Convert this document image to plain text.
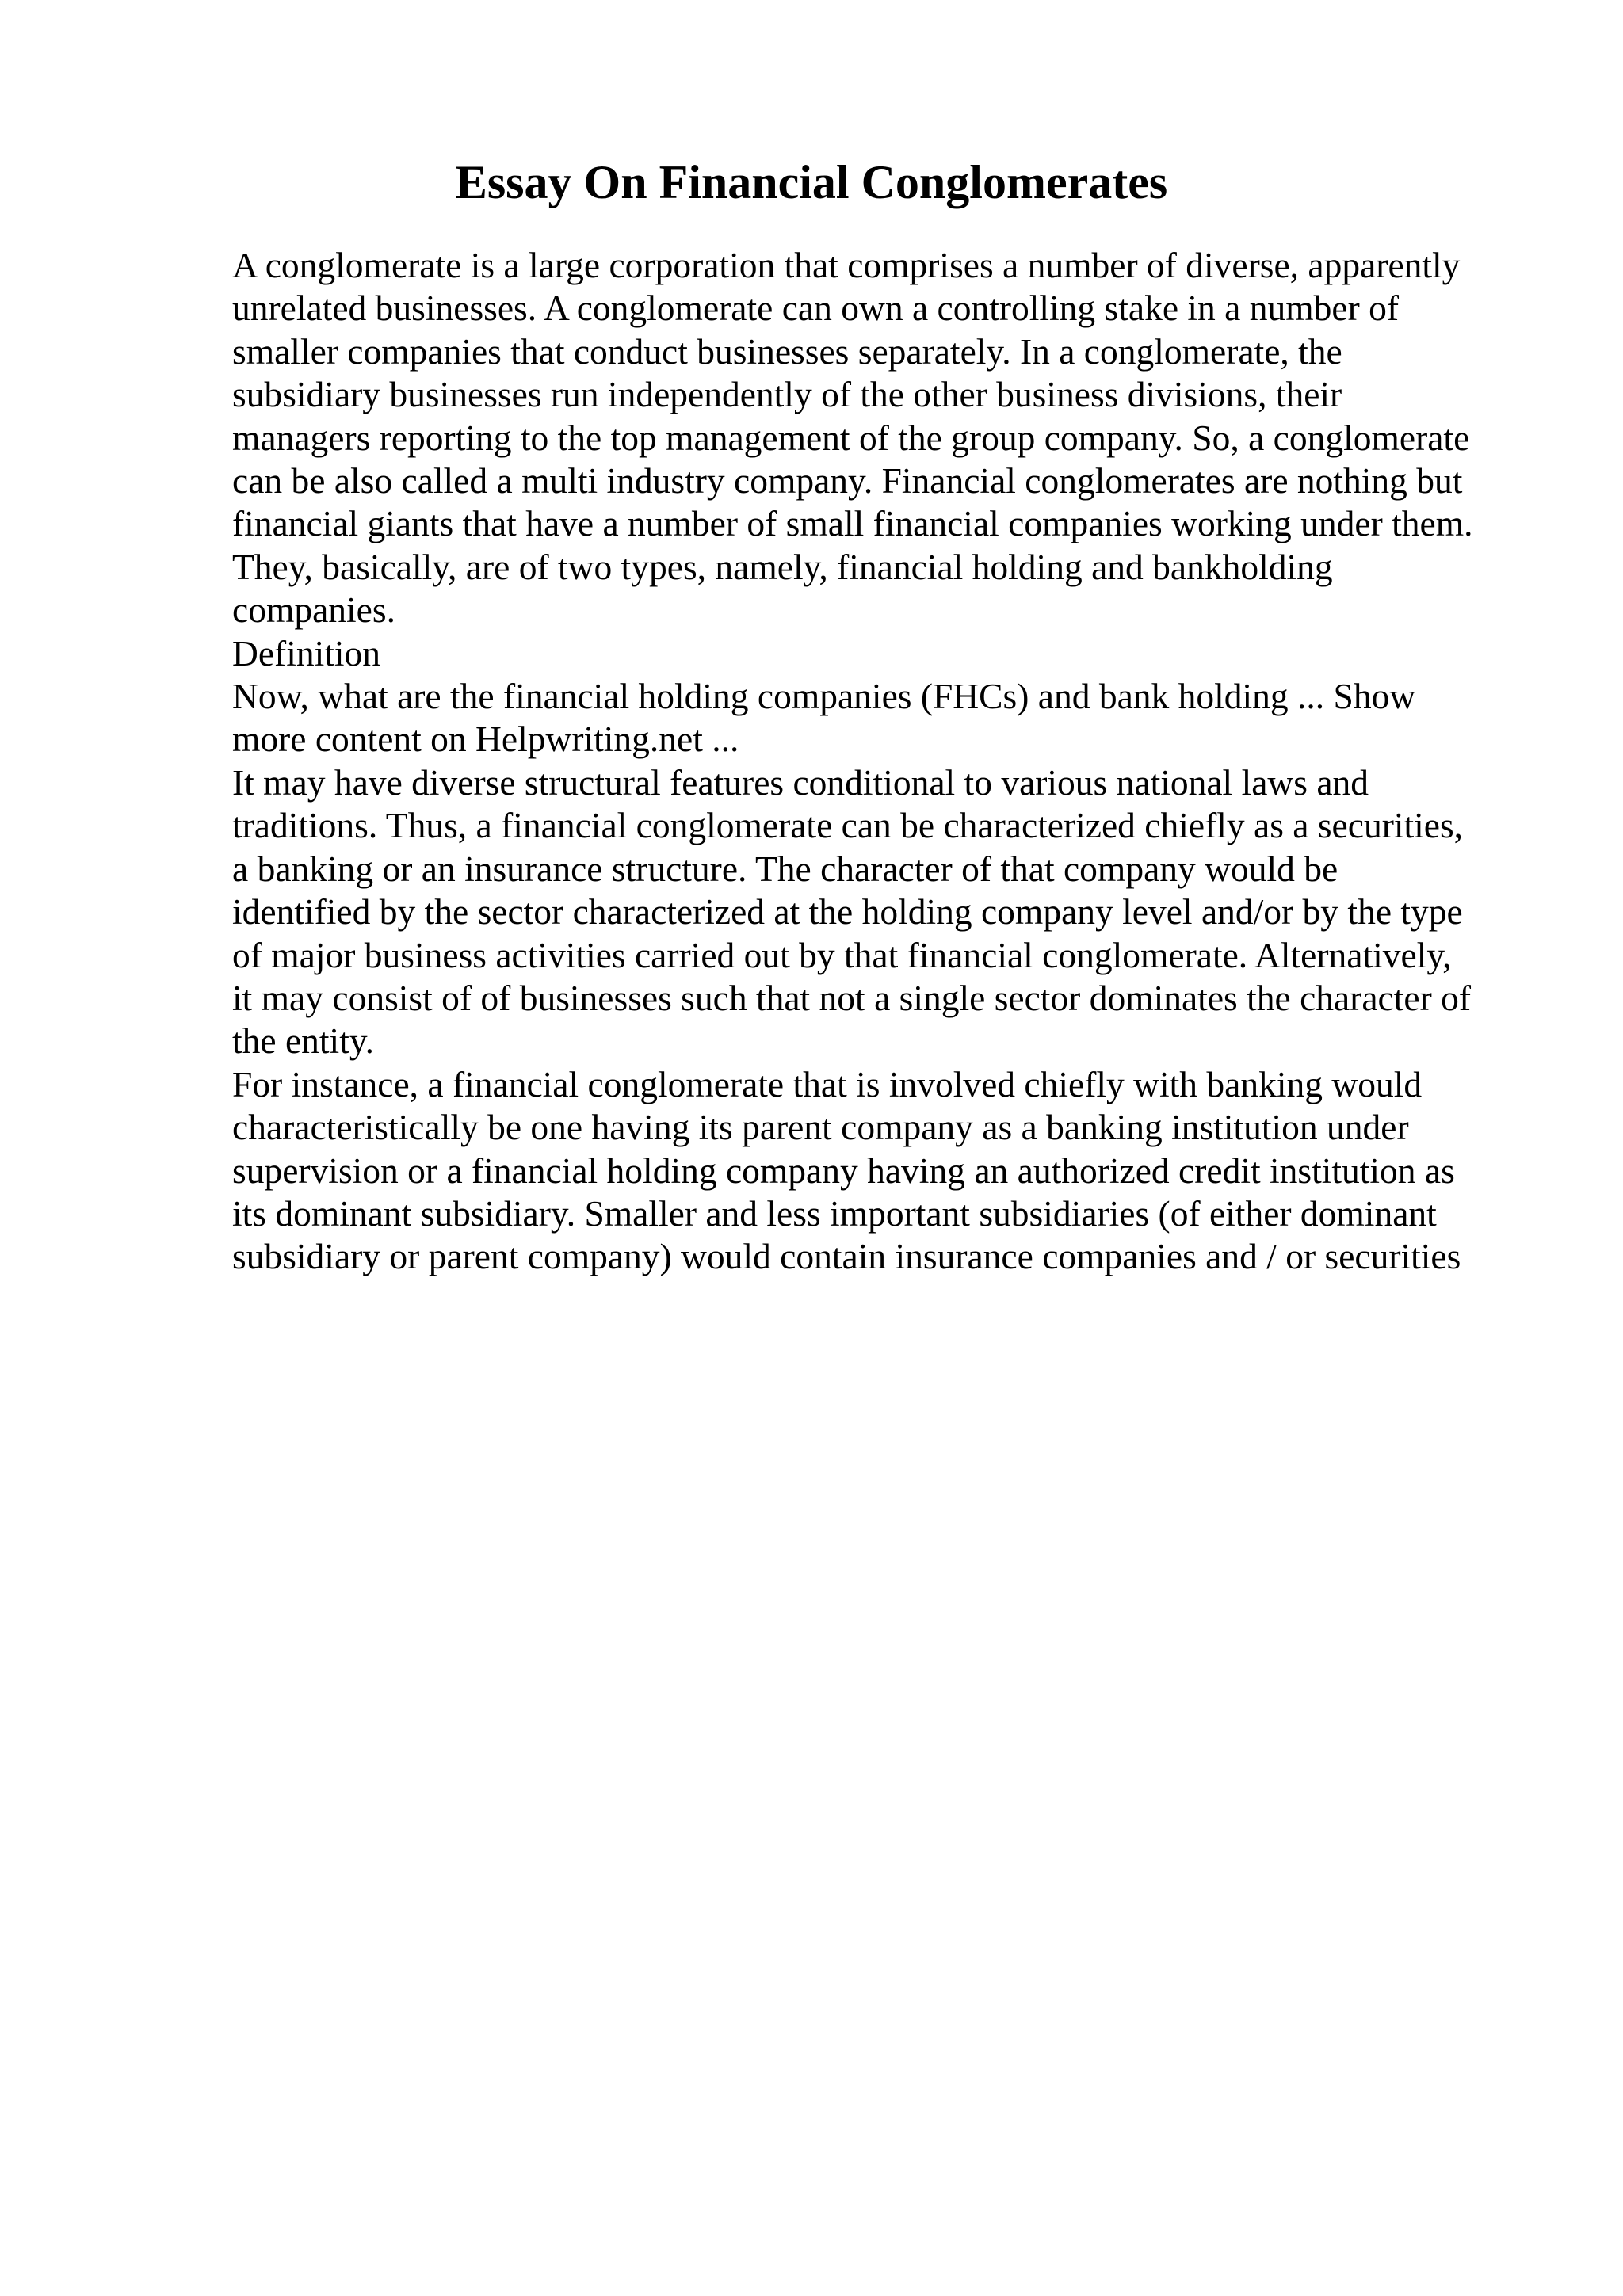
Essay On Financial Conglomerates
A conglomerate is a large corporation that comprises a number of diverse, apparently
unrelated businesses. A conglomerate can own a controlling stake in a number of
smaller companies that conduct businesses separately. In a conglomerate, the
subsidiary businesses run independently of the other business divisions, their
managers reporting to the top management of the group company. So, a conglomerate
can be also called a multi industry company. Financial conglomerates are nothing but
financial giants that have a number of small financial companies working under them.
They, basically, are of two types, namely, financial holding and bankholding
companies.
Definition
Now, what are the financial holding companies (FHCs) and bank holding ... Show
more content on Helpwriting.net ...
It may have diverse structural features conditional to various national laws and
traditions. Thus, a financial conglomerate can be characterized chiefly as a securities,
a banking or an insurance structure. The character of that company would be
identified by the sector characterized at the holding company level and/or by the type
of major business activities carried out by that financial conglomerate. Alternatively,
it may consist of of businesses such that not a single sector dominates the character of
the entity.
For instance, a financial conglomerate that is involved chiefly with banking would
characteristically be one having its parent company as a banking institution under
supervision or a financial holding company having an authorized credit institution as
its dominant subsidiary. Smaller and less important subsidiaries (of either dominant
subsidiary or parent company) would contain insurance companies and / or securities
